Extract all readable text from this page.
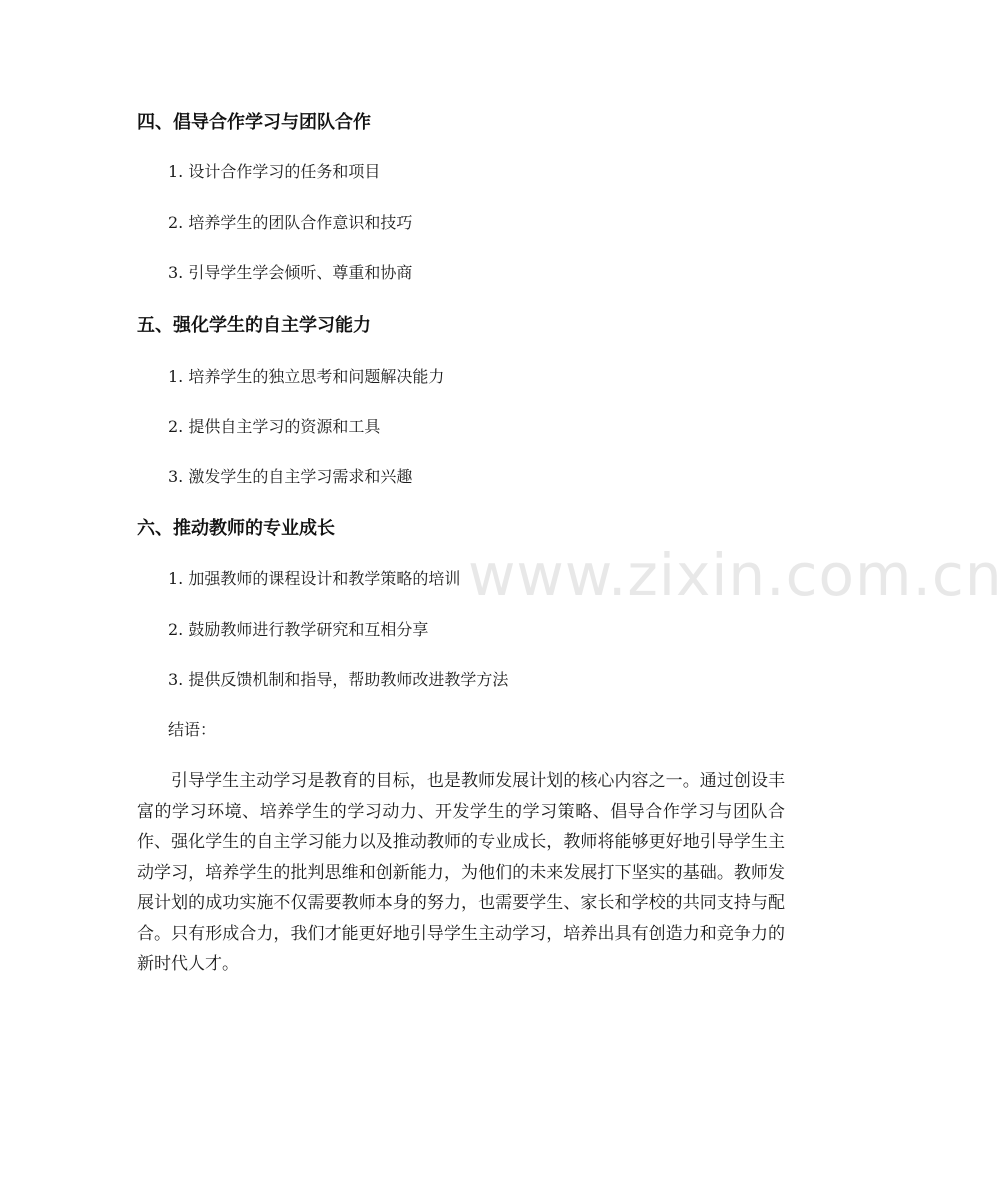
www.zixin.com.cn
四、倡导合作学习与团队合作
1. 设计合作学习的任务和项目
2. 培养学生的团队合作意识和技巧
3. 引导学生学会倾听、尊重和协商
五、强化学生的自主学习能力
1. 培养学生的独立思考和问题解决能力
2. 提供自主学习的资源和工具
3. 激发学生的自主学习需求和兴趣
六、推动教师的专业成长
1. 加强教师的课程设计和教学策略的培训
2. 鼓励教师进行教学研究和互相分享
3. 提供反馈机制和指导，帮助教师改进教学方法
结语：
引导学生主动学习是教育的目标，也是教师发展计划的核心内容之一。通过创设丰富的学习环境、培养学生的学习动力、开发学生的学习策略、倡导合作学习与团队合作、强化学生的自主学习能力以及推动教师的专业成长，教师将能够更好地引导学生主动学习，培养学生的批判思维和创新能力，为他们的未来发展打下坚实的基础。教师发展计划的成功实施不仅需要教师本身的努力，也需要学生、家长和学校的共同支持与配合。只有形成合力，我们才能更好地引导学生主动学习，培养出具有创造力和竞争力的新时代人才。
